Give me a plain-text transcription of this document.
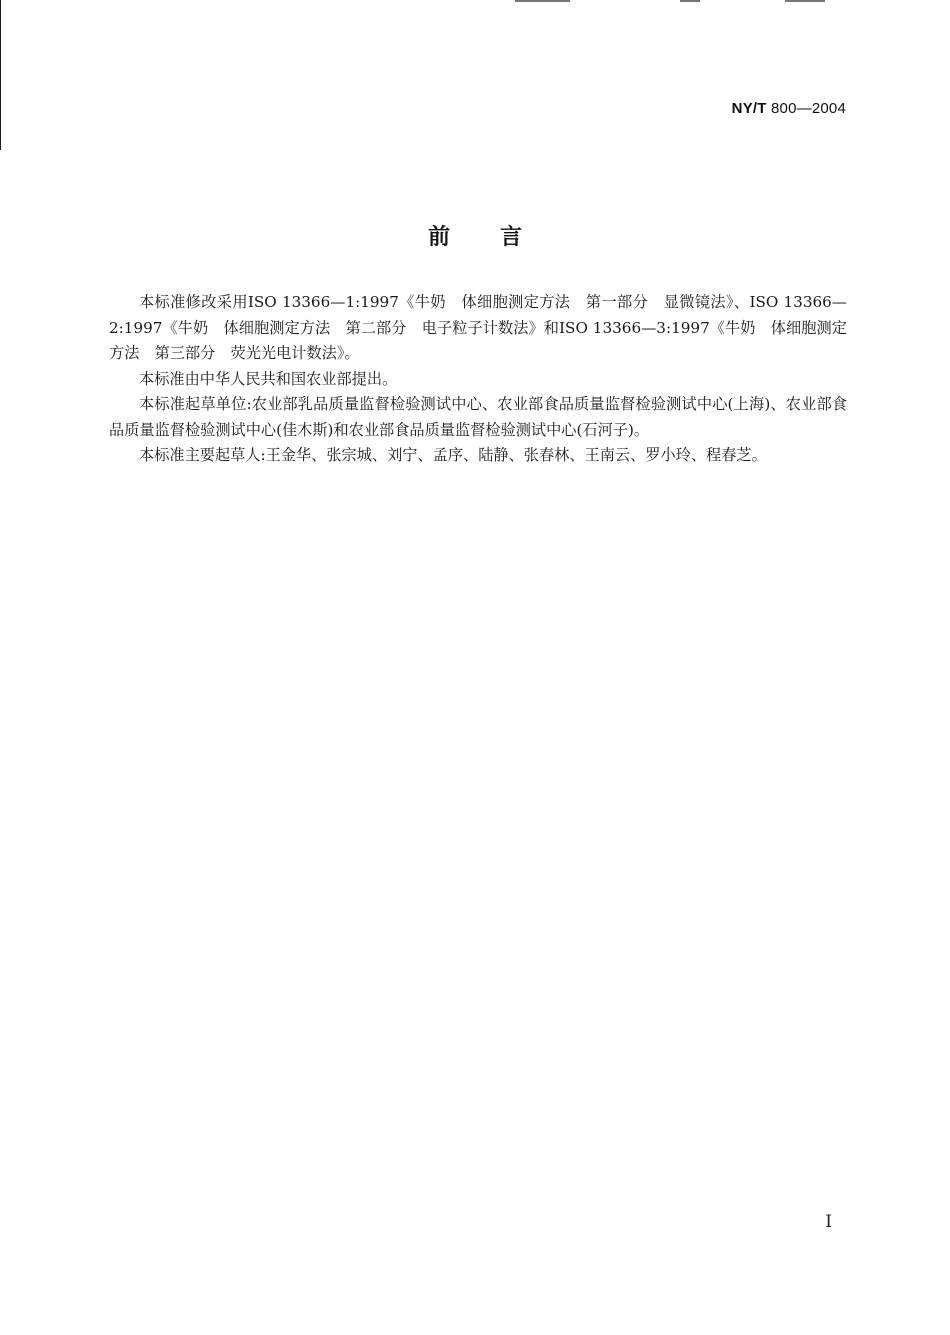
NY/T 800—2004
前言

本标准修改采用ISO 13366—1:1997《牛奶　体细胞测定方法　第一部分　显微镜法》、ISO 13366—2:1997《牛奶　体细胞测定方法　第二部分　电子粒子计数法》和ISO 13366—3:1997《牛奶　体细胞测定方法　第三部分　荧光光电计数法》。

本标准由中华人民共和国农业部提出。

本标准起草单位:农业部乳品质量监督检验测试中心、农业部食品质量监督检验测试中心(上海)、农业部食品质量监督检验测试中心(佳木斯)和农业部食品质量监督检验测试中心(石河子)。

本标准主要起草人:王金华、张宗城、刘宁、孟序、陆静、张春林、王南云、罗小玲、程春芝。

I
